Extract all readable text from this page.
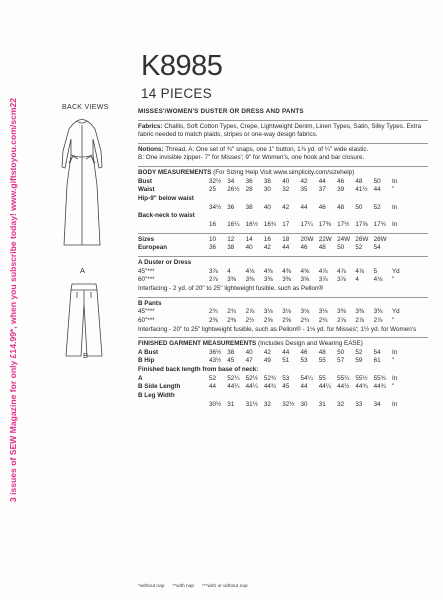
3 issues of SEW Magazine for only £14.99*, when you subscribe today! www.giftstoyou.com/scm22
K8985
14 PIECES
BACK VIEWS
A
B

MISSES'/WOMEN'S DUSTER OR DRESS AND PANTS

Fabrics: Challis, Soft Cotton Types, Crepe, Lightweight Denim, Linen Types, Satin, Silky Types. Extra fabric needed to match plaids, stripes or one-way design fabrics.

Notions: Thread. A: One set of ¾" snaps, one 1" button, 1⅞ yd. of ¼" wide elastic.

B: One invisible zipper- 7" for Misses'; 9" for Women's, one hook and bar closure.

BODY MEASUREMENTS (For Sizing Help Visit www.simplicity.com/sizehelp)

Bust	32½ 34	36	38	40	42	44	46	48	50	In
Waist	25	26½ 28	30	32	35	37	39	41½ 44	"
Hip-9" below waist
34½ 36	38	40	42	44	46	48	50	52	In
Back-neck to waist
16	16¼ 16½ 16¾ 17	17¼ 17⅜ 17½ 17⅝ 17¾ In
Sizes	10	12	14	16	18	20W 22W 24W 26W 28W
European	36	38	40	42	44	46	48	50	52	54

A Duster or Dress

45"***	3⅞	4	4⅛	4⅜	4⅜	4⅝	4⅞	4⅞	4⅞	5	Yd
60"***	2⅞	3⅜	3⅜	3⅜	3⅜	3⅝	3⅞	3⅞	4	4⅛	"

Interfacing - 2 yd. of 20" to 25" lightweight fusible, such as Pellon®

B Pants

45"***	2¾	2¾	2⅞	3⅛	3⅛	3⅛	3⅛	3⅜	3⅜	3⅜	Yd
60"***	2⅜	2⅜	2½	2⅝	2⅝	2¾	2¾	2⅞	2⅞	2⅞	"

Interfacing - 20" to 25" lightweight fusible, such as Pellon® - 1⅛ yd. for Misses'; 1½ yd. for Women's

FINISHED GARMENT MEASUREMENTS (Includes Design and Wearing EASE)

A Bust	36½ 38	40	42	44	46	48	50	52	54	In
B Hip	43½ 45	47	49	51	53	55	57	59	61	"

Finished back length from base of neck:

A	52	52¼ 52½ 52¾ 53	54¼ 55	55¼ 55½ 55¾ In
B Side Length	44	44¼ 44¼ 44¾ 45	44	44¼ 44½ 44¾ 44¾ "
B Leg Width
30½ 31	31½ 32	32½ 30	31	32	33	34	In
*without nap **with nap ***with or without nap
